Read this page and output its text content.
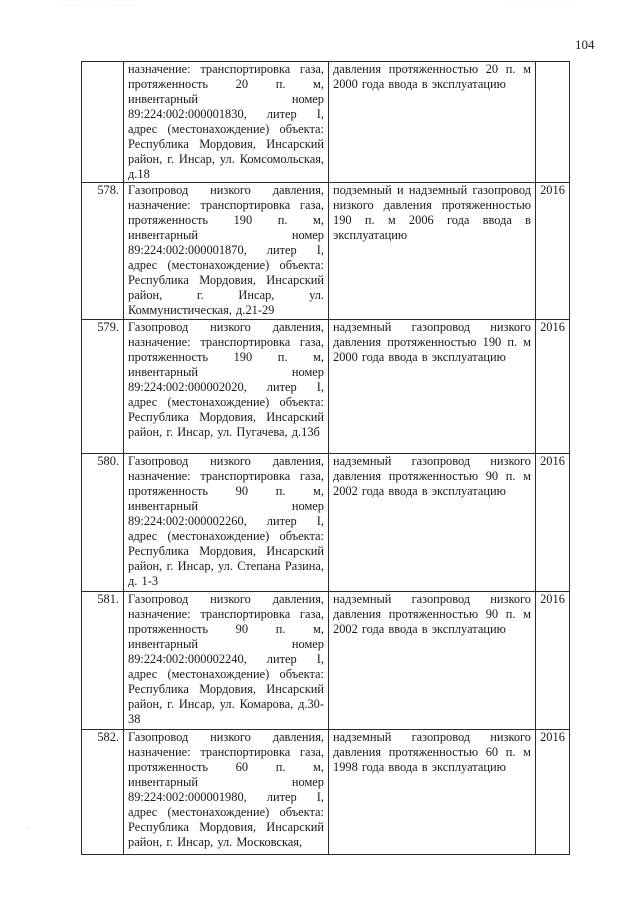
· · · · · · · · · · · · · · · · · · · ·	· · · · · · · · · · · · · · · ·
104
	назначение: транспортировка газа, протяженность 20 п. м, инвентарный номер 89:224:002:000001830, литер I, адрес (местонахождение) объекта: Республика Мордовия, Инсарский район, г. Инсар, ул. Комсомольская, д.18	давления протяженностью 20 п. м 2000 года ввода в эксплуатацию	
578.	Газопровод низкого давления, назначение: транспортировка газа, протяженность 190 п. м, инвентарный номер 89:224:002:000001870, литер I, адрес (местонахождение) объекта: Республика Мордовия, Инсарский район, г. Инсар, ул. Коммунистическая, д.21-29	подземный и надземный газопровод низкого давления протяженностью 190 п. м 2006 года ввода в эксплуатацию	2016
579.	Газопровод низкого давления, назначение: транспортировка газа, протяженность 190 п. м, инвентарный номер 89:224:002:000002020, литер I, адрес (местонахождение) объекта: Республика Мордовия, Инсарский район, г. Инсар, ул. Пугачева, д.13б	надземный газопровод низкого давления протяженностью 190 п. м 2000 года ввода в эксплуатацию	2016
580.	Газопровод низкого давления, назначение: транспортировка газа, протяженность 90 п. м, инвентарный номер 89:224:002:000002260, литер I, адрес (местонахождение) объекта: Республика Мордовия, Инсарский район, г. Инсар, ул. Степана Разина, д. 1-3	надземный газопровод низкого давления протяженностью 90 п. м 2002 года ввода в эксплуатацию	2016
581.	Газопровод низкого давления, назначение: транспортировка газа, протяженность 90 п. м, инвентарный номер 89:224:002:000002240, литер I, адрес (местонахождение) объекта: Республика Мордовия, Инсарский район, г. Инсар, ул. Комарова, д.30-38	надземный газопровод низкого давления протяженностью 90 п. м 2002 года ввода в эксплуатацию	2016
582.	Газопровод низкого давления, назначение: транспортировка газа, протяженность 60 п. м, инвентарный номер 89:224:002:000001980, литер I, адрес (местонахождение) объекта: Республика Мордовия, Инсарский район, г. Инсар, ул. Московская,	надземный газопровод низкого давления протяженностью 60 п. м 1998 года ввода в эксплуатацию	2016
–
